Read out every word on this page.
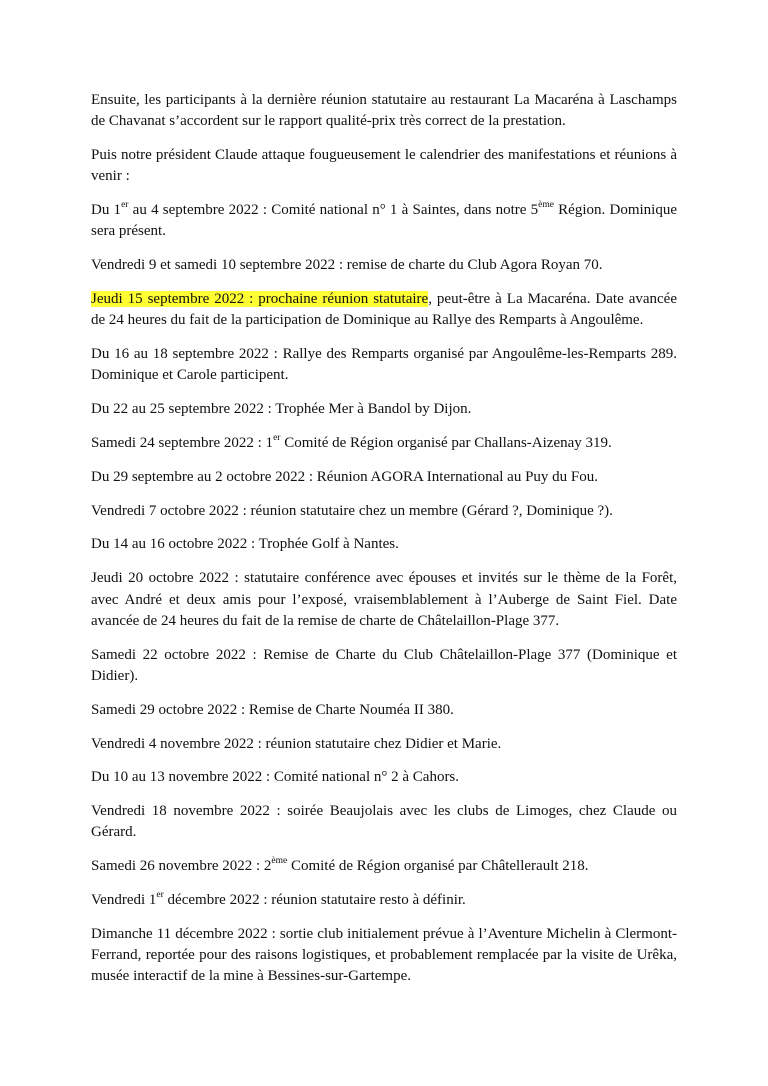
Ensuite, les participants à la dernière réunion statutaire au restaurant La Macaréna à Laschamps de Chavanat s’accordent sur le rapport qualité-prix très correct de la prestation.

Puis notre président Claude attaque fougueusement le calendrier des manifestations et réunions à venir :

Du 1er au 4 septembre 2022 : Comité national n° 1 à Saintes, dans notre 5ème Région. Dominique sera présent.

Vendredi 9 et samedi 10 septembre 2022 : remise de charte du Club Agora Royan 70.

Jeudi 15 septembre 2022 : prochaine réunion statutaire, peut-être à La Macaréna. Date avancée de 24 heures du fait de la participation de Dominique au Rallye des Remparts à Angoulême.

Du 16 au 18 septembre 2022 : Rallye des Remparts organisé par Angoulême-les-Remparts 289. Dominique et Carole participent.

Du 22 au 25 septembre 2022 : Trophée Mer à Bandol by Dijon.

Samedi 24 septembre 2022 : 1er Comité de Région organisé par Challans-Aizenay 319.

Du 29 septembre au 2 octobre 2022 : Réunion AGORA International au Puy du Fou.

Vendredi 7 octobre 2022 : réunion statutaire chez un membre (Gérard ?, Dominique ?).

Du 14 au 16 octobre 2022 : Trophée Golf à Nantes.

Jeudi 20 octobre 2022 : statutaire conférence avec épouses et invités sur le thème de la Forêt, avec André et deux amis pour l’exposé, vraisemblablement à l’Auberge de Saint Fiel. Date avancée de 24 heures du fait de la remise de charte de Châtelaillon-Plage 377.

Samedi 22 octobre 2022 : Remise de Charte du Club Châtelaillon-Plage 377 (Dominique et Didier).

Samedi 29 octobre 2022 : Remise de Charte Nouméa II 380.

Vendredi 4 novembre 2022 : réunion statutaire chez Didier et Marie.

Du 10 au 13 novembre 2022 : Comité national n° 2 à Cahors.

Vendredi 18 novembre 2022 : soirée Beaujolais avec les clubs de Limoges, chez Claude ou Gérard.

Samedi 26 novembre 2022 : 2ème Comité de Région organisé par Châtellerault 218.

Vendredi 1er décembre 2022 : réunion statutaire resto à définir.

Dimanche 11 décembre 2022 : sortie club initialement prévue à l’Aventure Michelin à Clermont-Ferrand, reportée pour des raisons logistiques, et probablement remplacée par la visite de Urêka, musée interactif de la mine à Bessines-sur-Gartempe.
